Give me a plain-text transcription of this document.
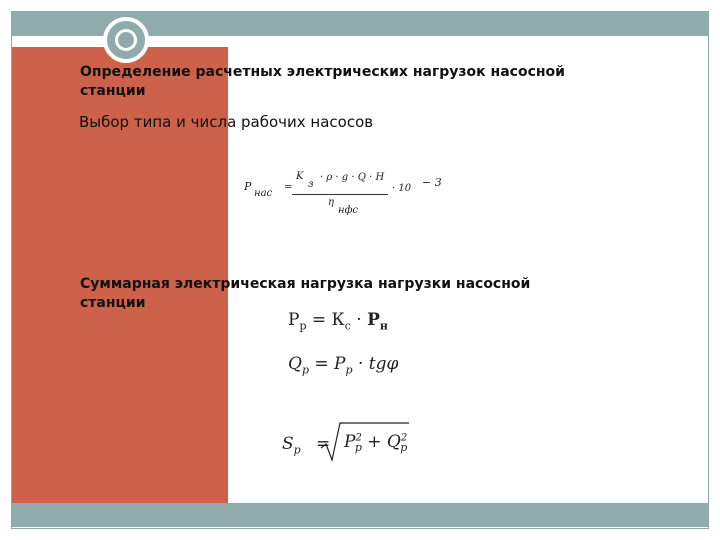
Определение расчетных электрических нагрузок насосной
станции

Выбор типа и числа рабочих насосов

P
нас
=
K
з
· ρ · g · Q · H
η
нфс
· 10 − 3

Суммарная электрическая нагрузка нагрузки насосной
станции

$P_р = К_с \cdot Р_н$
$Q_p = P_p \cdot tg\varphi$
$S_p = P^2_p + Q^2_p$
